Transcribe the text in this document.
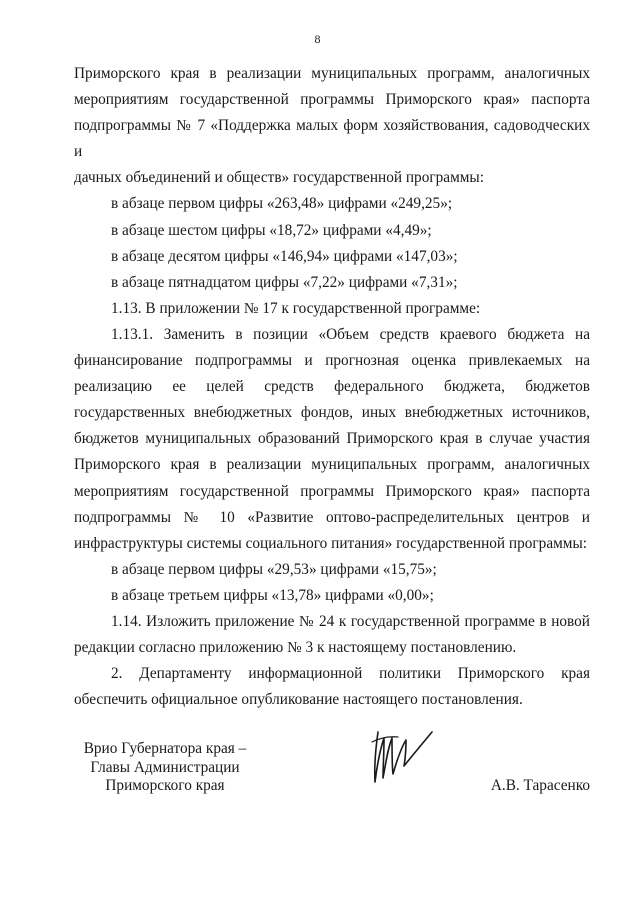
8

Приморского края в реализации муниципальных программ, аналогичных

мероприятиям государственной программы Приморского края» паспорта

подпрограммы № 7 «Поддержка малых форм хозяйствования, садоводческих и

дачных объединений и обществ» государственной программы:

в абзаце первом цифры «263,48» цифрами «249,25»;

в абзаце шестом цифры «18,72» цифрами «4,49»;

в абзаце десятом цифры «146,94» цифрами «147,03»;

в абзаце пятнадцатом цифры «7,22» цифрами «7,31»;

1.13. В приложении № 17 к государственной программе:

1.13.1. Заменить в позиции «Объем средств краевого бюджета на

финансирование подпрограммы и прогнозная оценка привлекаемых на

реализацию ее целей средств федерального бюджета, бюджетов

государственных внебюджетных фондов, иных внебюджетных источников,

бюджетов муниципальных образований Приморского края в случае участия

Приморского края в реализации муниципальных программ, аналогичных

мероприятиям государственной программы Приморского края» паспорта

подпрограммы № 10 «Развитие оптово-распределительных центров и

инфраструктуры системы социального питания» государственной программы:

в абзаце первом цифры «29,53» цифрами «15,75»;

в абзаце третьем цифры «13,78» цифрами «0,00»;

1.14. Изложить приложение № 24 к государственной программе в новой

редакции согласно приложению № 3 к настоящему постановлению.

2. Департаменту информационной политики Приморского края

обеспечить официальное опубликование настоящего постановления.

Врио Губернатора края –
Главы Администрации
Приморского края	А.В. Тарасенко
